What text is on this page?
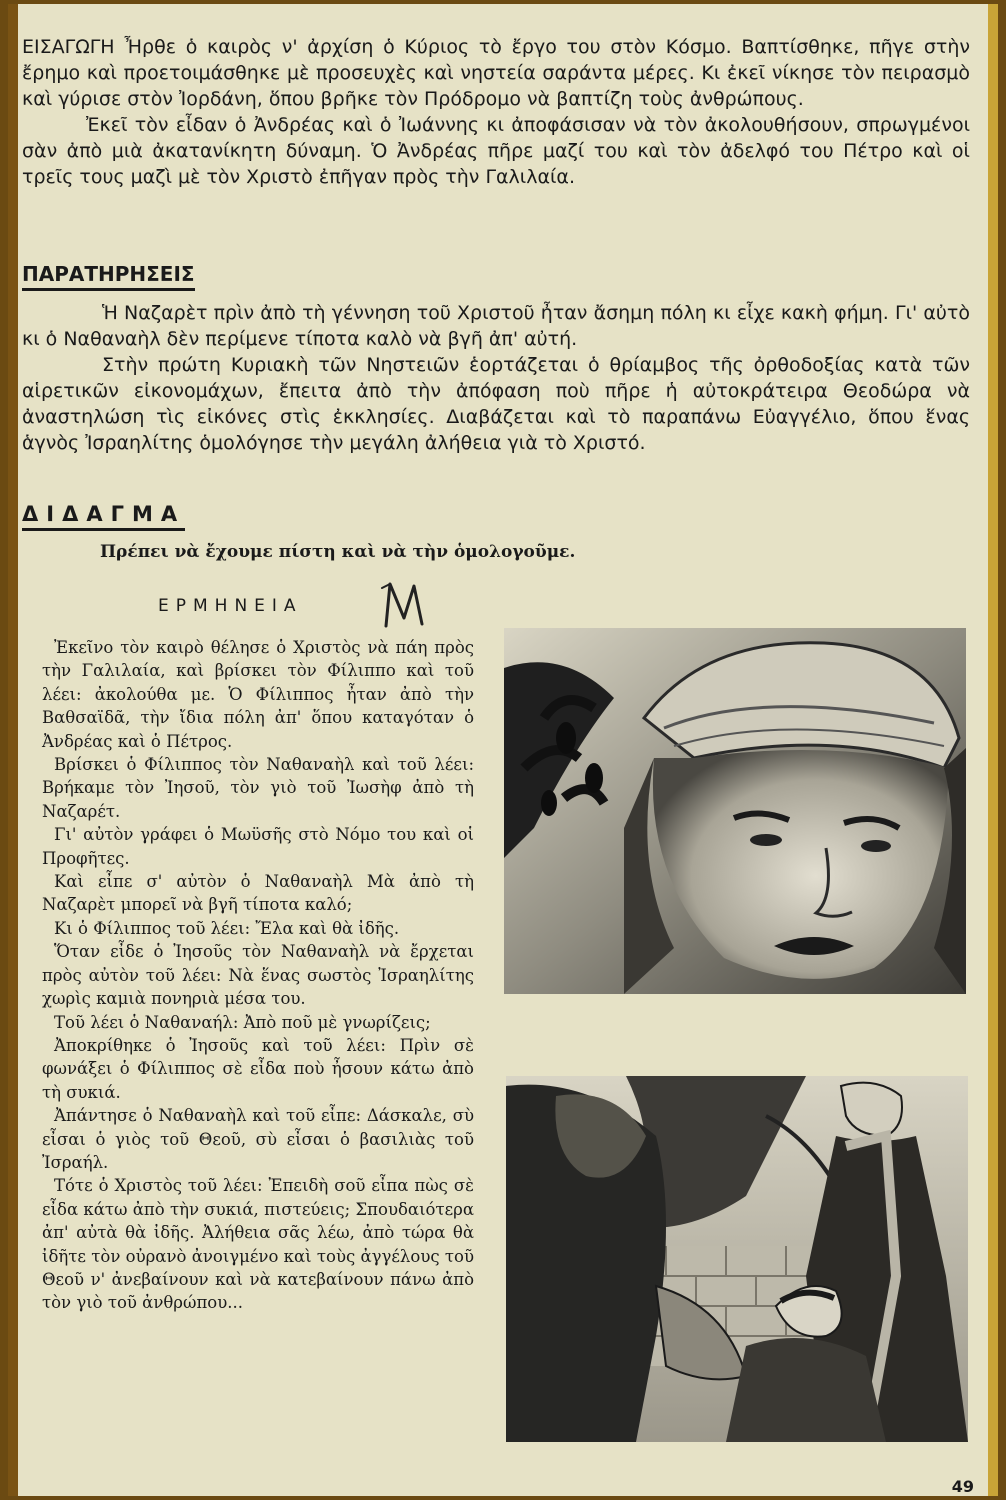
ΕΙΣΑΓΩΓΗ Ἦρθε ὁ καιρὸς ν' ἀρχίση ὁ Κύριος τὸ ἔργο του στὸν Κόσμο. Βαπτίσθηκε, πῆγε στὴν ἔρημο καὶ προετοιμάσθηκε μὲ προσευχὲς καὶ νηστεία σαράντα μέρες. Κι ἐκεῖ νίκησε τὸν πειρασμὸ καὶ γύρισε στὸν Ἰορδάνη, ὅπου βρῆκε τὸν Πρόδρομο νὰ βαπτίζη τοὺς ἀνθρώπους.

Ἐκεῖ τὸν εἶδαν ὁ Ἀνδρέας καὶ ὁ Ἰωάννης κι ἀποφάσισαν νὰ τὸν ἀκολουθήσουν, σπρωγμένοι σὰν ἀπὸ μιὰ ἀκατανίκητη δύναμη. Ὁ Ἀνδρέας πῆρε μαζί του καὶ τὸν ἀδελφό του Πέτρο καὶ οἱ τρεῖς τους μαζὶ μὲ τὸν Χριστὸ ἐπῆγαν πρὸς τὴν Γαλιλαία.

ΠΑΡΑΤΗΡΗΣΕΙΣ

Ἡ Ναζαρὲτ πρὶν ἀπὸ τὴ γέννηση τοῦ Χριστοῦ ἦταν ἄσημη πόλη κι εἶχε κακὴ φήμη. Γι' αὐτὸ κι ὁ Ναθαναὴλ δὲν περίμενε τίποτα καλὸ νὰ βγῆ ἀπ' αὐτή.

Στὴν πρώτη Κυριακὴ τῶν Νηστειῶν ἑορτάζεται ὁ θρίαμβος τῆς ὀρθοδοξίας κατὰ τῶν αἱρετικῶν εἰκονομάχων, ἔπειτα ἀπὸ τὴν ἀπόφαση ποὺ πῆρε ἡ αὐτοκράτειρα Θεοδώρα νὰ ἀναστηλώση τὶς εἰκόνες στὶς ἐκκλησίες. Διαβάζεται καὶ τὸ παραπάνω Εὐαγγέλιο, ὅπου ἕνας ἁγνὸς Ἰσραηλίτης ὁμολόγησε τὴν μεγάλη ἀλήθεια γιὰ τὸ Χριστό.

ΔΙΔΑΓΜΑ
Πρέπει νὰ ἔχουμε πίστη καὶ νὰ τὴν ὁμολογοῦμε.
ΕΡΜΗΝΕΙΑ

Ἐκεῖνο τὸν καιρὸ θέλησε ὁ Χριστὸς νὰ πάη πρὸς τὴν Γαλιλαία, καὶ βρίσκει τὸν Φίλιππο καὶ τοῦ λέει: ἀκολούθα με. Ὁ Φίλιππος ἦταν ἀπὸ τὴν Βαθσαϊδᾶ, τὴν ἴδια πόλη ἀπ' ὅπου καταγόταν ὁ Ἀνδρέας καὶ ὁ Πέτρος.

Βρίσκει ὁ Φίλιππος τὸν Ναθαναὴλ καὶ τοῦ λέει: Βρήκαμε τὸν Ἰησοῦ, τὸν γιὸ τοῦ Ἰωσὴφ ἀπὸ τὴ Ναζαρέτ.

Γι' αὐτὸν γράφει ὁ Μωϋσῆς στὸ Νόμο του καὶ οἱ Προφῆτες.

Καὶ εἶπε σ' αὐτὸν ὁ Ναθαναὴλ Μὰ ἀπὸ τὴ Ναζαρὲτ μπορεῖ νὰ βγῆ τίποτα καλό;

Κι ὁ Φίλιππος τοῦ λέει: Ἔλα καὶ θὰ ἰδῆς.

Ὅταν εἶδε ὁ Ἰησοῦς τὸν Ναθαναὴλ νὰ ἔρχεται πρὸς αὐτὸν τοῦ λέει: Νὰ ἕνας σωστὸς Ἰσραηλίτης χωρὶς καμιὰ πονηριὰ μέσα του.

Τοῦ λέει ὁ Ναθαναήλ: Ἀπὸ ποῦ μὲ γνωρίζεις;

Ἀποκρίθηκε ὁ Ἰησοῦς καὶ τοῦ λέει: Πρὶν σὲ φωνάξει ὁ Φίλιππος σὲ εἶδα ποὺ ἦσουν κάτω ἀπὸ τὴ συκιά.

Ἀπάντησε ὁ Ναθαναὴλ καὶ τοῦ εἶπε: Δάσκαλε, σὺ εἶσαι ὁ γιὸς τοῦ Θεοῦ, σὺ εἶσαι ὁ βασιλιὰς τοῦ Ἰσραήλ.

Τότε ὁ Χριστὸς τοῦ λέει: Ἐπειδὴ σοῦ εἶπα πὼς σὲ εἶδα κάτω ἀπὸ τὴν συκιά, πιστεύεις; Σπουδαιότερα ἀπ' αὐτὰ θὰ ἰδῆς. Ἀλήθεια σᾶς λέω, ἀπὸ τώρα θὰ ἰδῆτε τὸν οὐρανὸ ἀνοιγμένο καὶ τοὺς ἀγγέλους τοῦ Θεοῦ ν' ἀνεβαίνουν καὶ νὰ κατεβαίνουν πάνω ἀπὸ τὸν γιὸ τοῦ ἀνθρώπου...

49
